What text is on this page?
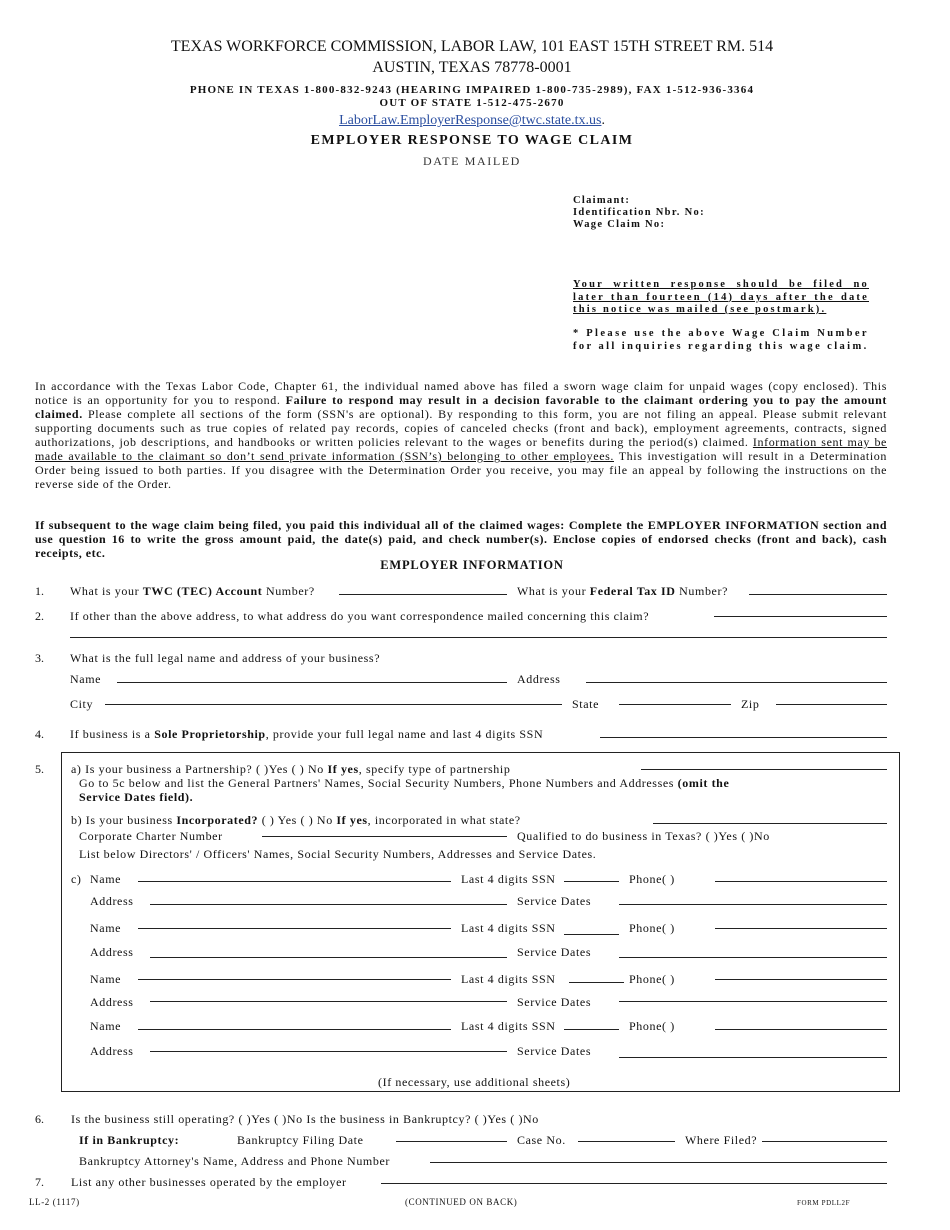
TEXAS WORKFORCE COMMISSION, LABOR LAW, 101 EAST 15TH STREET RM. 514
AUSTIN, TEXAS 78778-0001
PHONE IN TEXAS 1-800-832-9243 (HEARING IMPAIRED 1-800-735-2989), FAX 1-512-936-3364
OUT OF STATE 1-512-475-2670
LaborLaw.EmployerResponse@twc.state.tx.us.
EMPLOYER RESPONSE TO WAGE CLAIM
DATE MAILED
Claimant:
Identification Nbr. No:
Wage Claim No:
Your written response should be filed no later than fourteen (14) days after the date this notice was mailed (see postmark).
* Please use the above Wage Claim Number for all inquiries regarding this wage claim.
In accordance with the Texas Labor Code, Chapter 61, the individual named above has filed a sworn wage claim for unpaid wages (copy enclosed). This notice is an opportunity for you to respond. Failure to respond may result in a decision favorable to the claimant ordering you to pay the amount claimed. Please complete all sections of the form (SSN's are optional). By responding to this form, you are not filing an appeal. Please submit relevant supporting documents such as true copies of related pay records, copies of canceled checks (front and back), employment agreements, contracts, signed authorizations, job descriptions, and handbooks or written policies relevant to the wages or benefits during the period(s) claimed. Information sent may be made available to the claimant so don’t send private information (SSN’s) belonging to other employees. This investigation will result in a Determination Order being issued to both parties. If you disagree with the Determination Order you receive, you may file an appeal by following the instructions on the reverse side of the Order.
If subsequent to the wage claim being filed, you paid this individual all of the claimed wages: Complete the EMPLOYER INFORMATION section and use question 16 to write the gross amount paid, the date(s) paid, and check number(s). Enclose copies of endorsed checks (front and back), cash receipts, etc.
EMPLOYER INFORMATION
1. What is your TWC (TEC) Account Number?	What is your Federal Tax ID Number?
2. If other than the above address, to what address do you want correspondence mailed concerning this claim?
3. What is the full legal name and address of your business?
Name	Address
City	State	Zip
4. If business is a Sole Proprietorship, provide your full legal name and last 4 digits SSN
5. a) Is your business a Partnership? ( )Yes ( ) No If yes, specify type of partnership
Go to 5c below and list the General Partners' Names, Social Security Numbers, Phone Numbers and Addresses (omit the
Service Dates field).
b) Is your business Incorporated? ( ) Yes ( ) No If yes, incorporated in what state?
Corporate Charter Number	Qualified to do business in Texas? ( )Yes ( )No
List below Directors' / Officers' Names, Social Security Numbers, Addresses and Service Dates.
c) Name	Last 4 digits SSN	Phone( )
Address	Service Dates
Name	Last 4 digits SSN	Phone( )
Address	Service Dates
Name	Last 4 digits SSN	Phone( )
Address	Service Dates
Name	Last 4 digits SSN	Phone( )
Address	Service Dates
(If necessary, use additional sheets)
6. Is the business still operating? ( )Yes ( )No Is the business in Bankruptcy? ( )Yes ( )No
If in Bankruptcy:	Bankruptcy Filing Date	Case No.	Where Filed?
Bankruptcy Attorney's Name, Address and Phone Number
7. List any other businesses operated by the employer
LL-2 (1117)	(CONTINUED ON BACK)	FORM PDLL2F
